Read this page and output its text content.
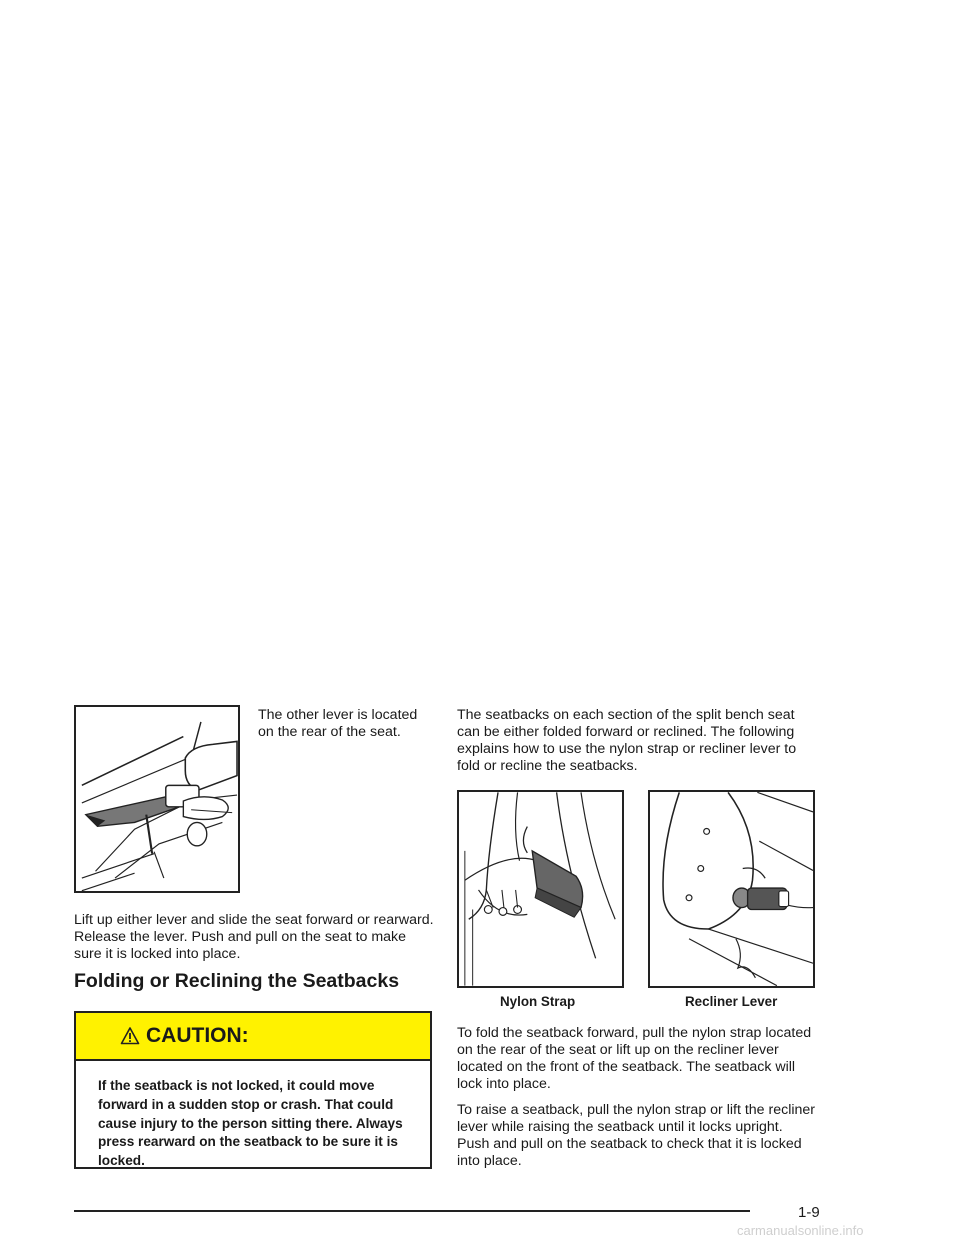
The other lever is located on the rear of the seat.
Lift up either lever and slide the seat forward or rearward. Release the lever. Push and pull on the seat to make sure it is locked into place.
Folding or Reclining the Seatbacks
CAUTION:
If the seatback is not locked, it could move forward in a sudden stop or crash. That could cause injury to the person sitting there. Always press rearward on the seatback to be sure it is locked.
The seatbacks on each section of the split bench seat can be either folded forward or reclined. The following explains how to use the nylon strap or recliner lever to fold or recline the seatbacks.
Nylon Strap	Recliner Lever
To fold the seatback forward, pull the nylon strap located on the rear of the seat or lift up on the recliner lever located on the front of the seatback. The seatback will lock into place.
To raise a seatback, pull the nylon strap or lift the recliner lever while raising the seatback until it locks upright. Push and pull on the seatback to check that it is locked into place.
1-9
carmanualsonline.info
